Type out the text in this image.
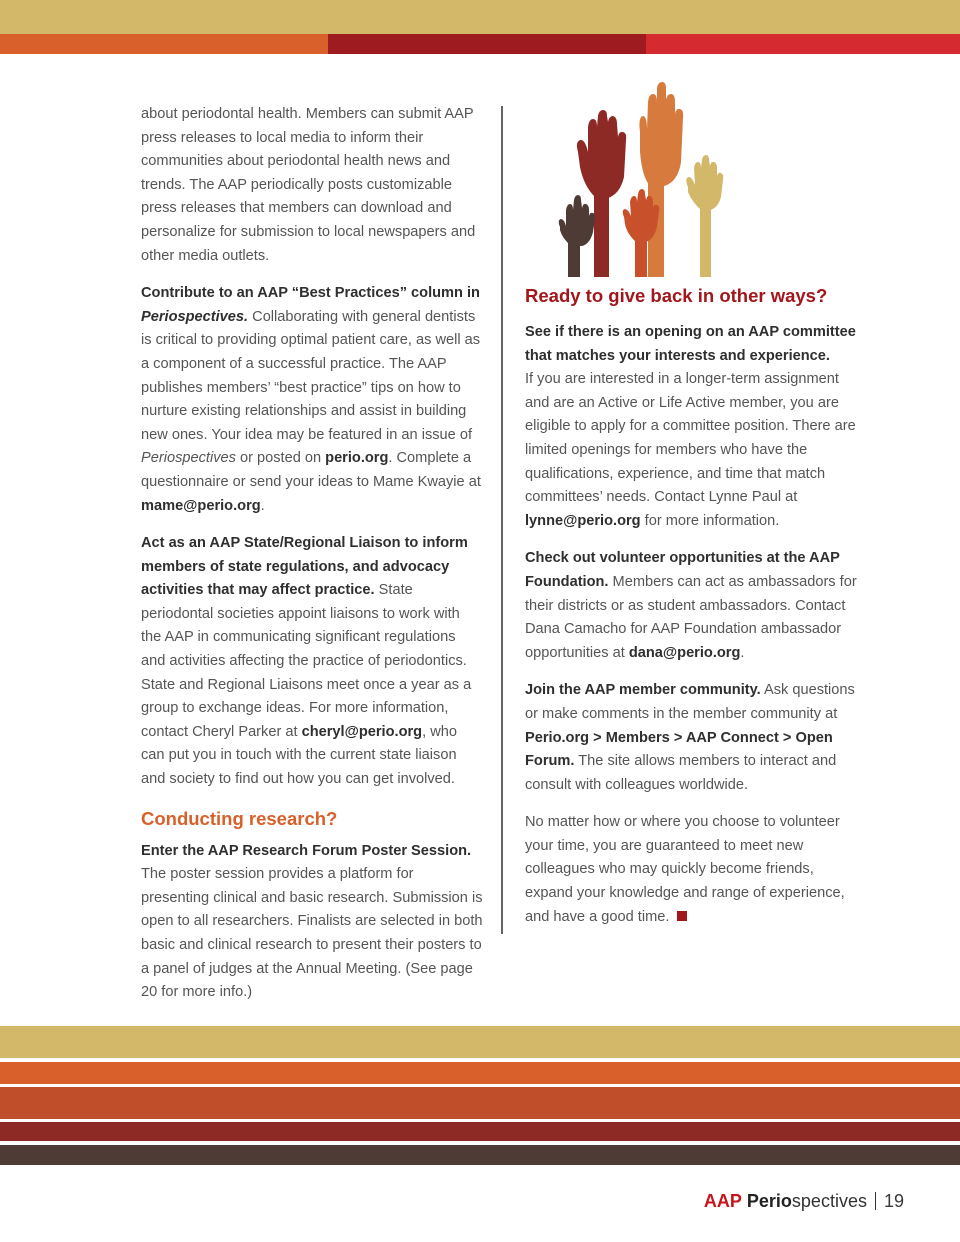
about periodontal health. Members can submit AAP press releases to local media to inform their communities about periodontal health news and trends. The AAP periodically posts customizable press releases that members can download and personalize for submission to local newspapers and other media outlets.

Contribute to an AAP “Best Practices” column in Periospectives. Collaborating with general dentists is critical to providing optimal patient care, as well as a component of a successful practice. The AAP publishes members’ “best practice” tips on how to nurture existing relationships and assist in building new ones. Your idea may be featured in an issue of Periospectives or posted on perio.org. Complete a questionnaire or send your ideas to Mame Kwayie at mame@perio.org.

Act as an AAP State/Regional Liaison to inform members of state regulations, and advocacy activities that may affect practice. State periodontal societies appoint liaisons to work with the AAP in communicating significant regulations and activities affecting the practice of periodontics. State and Regional Liaisons meet once a year as a group to exchange ideas. For more information, contact Cheryl Parker at cheryl@perio.org, who can put you in touch with the current state liaison and society to find out how you can get involved.

Conducting research?

Enter the AAP Research Forum Poster Session.
The poster session provides a platform for presenting clinical and basic research. Submission is open to all researchers. Finalists are selected in both basic and clinical research to present their posters to a panel of judges at the Annual Meeting. (See page 20 for more info.)

Ready to give back in other ways?

See if there is an opening on an AAP committee that matches your interests and experience.
If you are interested in a longer-term assignment and are an Active or Life Active member, you are eligible to apply for a committee position. There are limited openings for members who have the qualifications, experience, and time that match committees’ needs. Contact Lynne Paul at lynne@perio.org for more information.

Check out volunteer opportunities at the AAP Foundation. Members can act as ambassadors for their districts or as student ambassadors. Contact Dana Camacho for AAP Foundation ambassador opportunities at dana@perio.org.

Join the AAP member community. Ask questions or make comments in the member community at Perio.org > Members > AAP Connect > Open Forum. The site allows members to interact and consult with colleagues worldwide.

No matter how or where you choose to volunteer your time, you are guaranteed to meet new colleagues who may quickly become friends, expand your knowledge and range of experience, and have a good time.

AAP Periospectives 19
